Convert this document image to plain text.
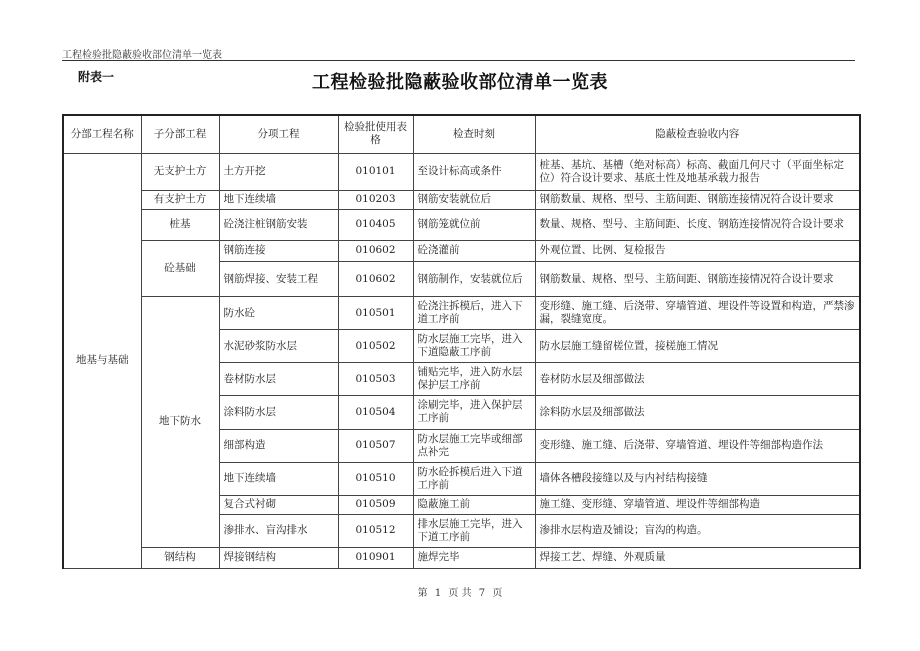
工程检验批隐蔽验收部位清单一览表
附表一	工程检验批隐蔽验收部位清单一览表
分部工程名称	子分部工程	分项工程	检验批使用表格	检查时刻	隐蔽检查验收内容
地基与基础	无支护土方	土方开挖	010101	至设计标高或条件	桩基、基坑、基槽（绝对标高）标高、截面几何尺寸（平面坐标定位）符合设计要求、基底土性及地基承载力报告
	有支护土方	地下连续墙	010203	钢筋安装就位后	钢筋数量、规格、型号、主筋间距、钢筋连接情况符合设计要求
	桩基	砼浇注桩钢筋安装	010405	钢筋笼就位前	数量、规格、型号、主筋间距、长度、钢筋连接情况符合设计要求
	砼基础	钢筋连接	010602	砼浇灌前	外观位置、比例、复检报告
		钢筋焊接、安装工程	010602	钢筋制作，安装就位后	钢筋数量、规格、型号、主筋间距、钢筋连接情况符合设计要求
	地下防水	防水砼	010501	砼浇注拆模后，进入下道工序前	变形缝、施工缝、后浇带、穿墙管道、埋设件等设置和构造，严禁渗漏，裂缝宽度。
		水泥砂浆防水层	010502	防水层施工完毕，进入下道隐蔽工序前	防水层施工缝留槎位置，接槎施工情况
		卷材防水层	010503	铺贴完毕，进入防水层保护层工序前	卷材防水层及细部做法
		涂料防水层	010504	涂刷完毕，进入保护层工序前	涂料防水层及细部做法
		细部构造	010507	防水层施工完毕或细部点补完	变形缝、施工缝、后浇带、穿墙管道、埋设件等细部构造作法
		地下连续墙	010510	防水砼拆模后进入下道工序前	墙体各槽段接缝以及与内衬结构接缝
		复合式衬砌	010509	隐蔽施工前	施工缝、变形缝、穿墙管道、埋设件等细部构造
		渗排水、盲沟排水	010512	排水层施工完毕，进入下道工序前	渗排水层构造及铺设；盲沟的构造。
	钢结构	焊接钢结构	010901	施焊完毕	焊接工艺、焊缝、外观质量
第 1 页 共 7 页
